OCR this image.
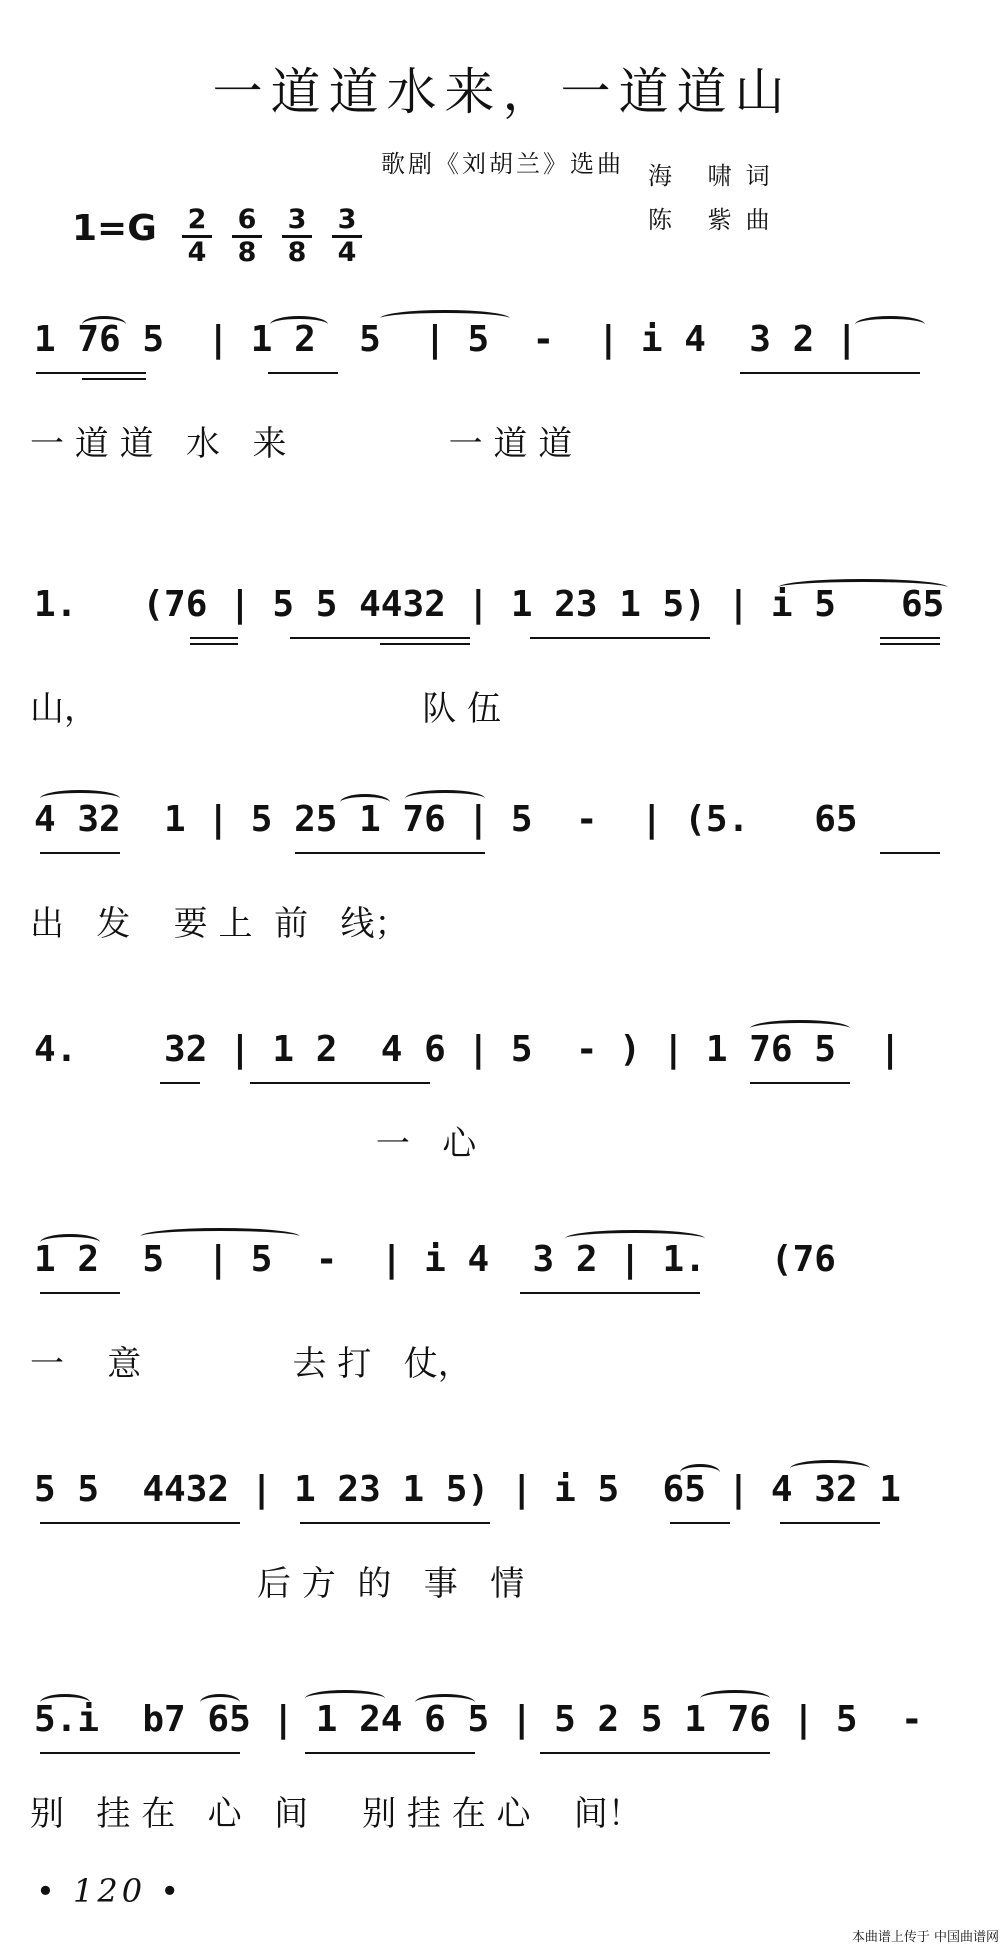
一道道水来，一道道山
歌剧《刘胡兰》选曲	海 啸词
陈 紫曲
1=G 2
4
6
8
3
8
3
4
1 76 5  | 1 2  5  | 5  -  | i 4  3 2 |
一 道 道   水   来               一 道 道
1.   (76 | 5 5 4432 | 1 23 1 5) | i 5   65
山，                              队 伍
4 32  1 | 5 25 1 76 | 5  -  | (5.   65
出   发    要 上  前   线；
4.    32 | 1 2  4 6 | 5  - ) | 1 76 5  |
一   心
1 2  5  | 5  -  | i 4  3 2 | 1.   (76
一    意              去 打   仗，
5 5  4432 | 1 23 1 5) | i 5  65 | 4 32 1
后 方  的   事   情
5.i  b7 65 | 1 24 6 5 | 5 2 5 1 76 | 5  -
别   挂 在   心   间     别 挂 在 心    间！
• 120 •
本曲谱上传于 中国曲谱网
